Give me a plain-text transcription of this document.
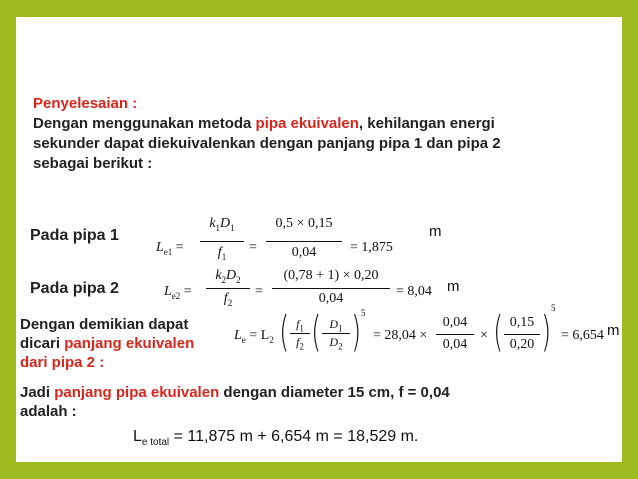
Penyelesaian :
Dengan menggunakan metoda pipa ekuivalen, kehilangan energi
sekunder dapat diekuivalenkan dengan panjang pipa 1 dan pipa 2
sebagai berikut :
Pada pipa 1
$L_{e1}$ =
$k_1D_1$
$f_1$
=
0,5 × 0,15
0,04	= 1,875
m
Pada pipa 2	$L_{e2}$ =
$k_2D_2$
$f_2$
=
(0,78 + 1) × 0,20
0,04	= 8,04 m
Dengan demikian dapat
dicari panjang ekuivalen
dari pipa 2 :
$L_e = L_2$ ( $f_1$
$f_2$ ( $D_1$
$D_2$ ) 5
= 28,04 ×
0,04
0,04
× ( 0,15
0,20 ) 5
= 6,654 m
Jadi panjang pipa ekuivalen dengan diameter 15 cm, f = 0,04
adalah :
$L_{e total} = 11,875$ m + 6,654 m = 18,529 m.
